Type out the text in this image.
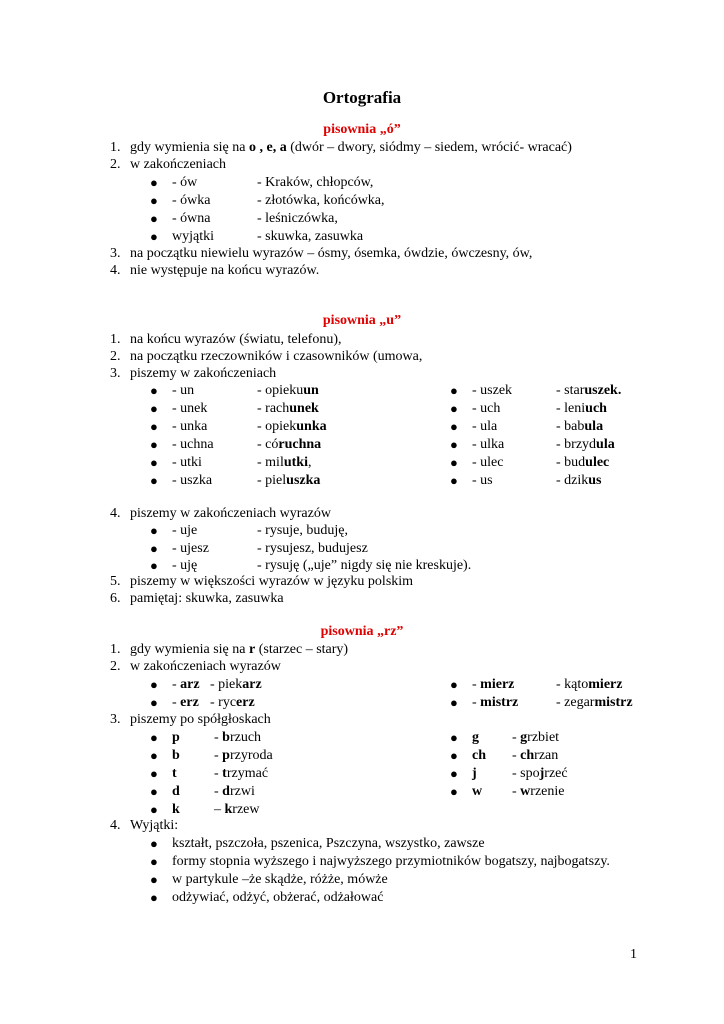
Ortografia
pisownia „ó”
1. gdy wymienia się na o , e, a (dwór – dwory, siódmy – siedem, wrócić- wracać)
2. w zakończeniach
● - ów	- Kraków, chłopców,
● - ówka	- złotówka, końcówka,
● - ówna	- leśniczówka,
● wyjątki	- skuwka, zasuwka
3. na początku niewielu wyrazów – ósmy, ósemka, ówdzie, ówczesny, ów,
4. nie występuje na końcu wyrazów.
pisownia „u”
1. na końcu wyrazów (światu, telefonu),
2. na początku rzeczowników i czasowników (umowa,
3. piszemy w zakończeniach
● - un	- opiekuun	● - uszek	- staruszek.
● - unek	- rachunek	● - uch	- leniuch
● - unka	- opiekunka	● - ula	- babula
● - uchna	- córuchna	● - ulka	- brzydula
● - utki	- milutki,	● - ulec	- budulec
● - uszka	- pieluszka	● - us	- dzikus
4. piszemy w zakończeniach wyrazów
● - uje	- rysuje, buduję,
● - ujesz	- rysujesz, budujesz
● - uję	- rysuję („uje” nigdy się nie kreskuje).
5. piszemy w większości wyrazów w języku polskim
6. pamiętaj: skuwka, zasuwka
pisownia „rz”
1. gdy wymienia się na r (starzec – stary)
2. w zakończeniach wyrazów
● - arz - piekarz	● - mierz	- kątomierz
● - erz - rycerz	● - mistrz	- zegarmistrz
3. piszemy po spółgłoskach
● p - brzuch	● g - grzbiet
● b - przyroda	● ch - chrzan
● t	- trzymać	● j	- spojrzeć
● d - drzwi	● w - wrzenie
● k – krzew
4. Wyjątki:
● kształt, pszczoła, pszenica, Pszczyna, wszystko, zawsze
● formy stopnia wyższego i najwyższego przymiotników bogatszy, najbogatszy.
● w partykule –że skądże, różże, mówże
● odżywiać, odżyć, obżerać, odżałować
1
